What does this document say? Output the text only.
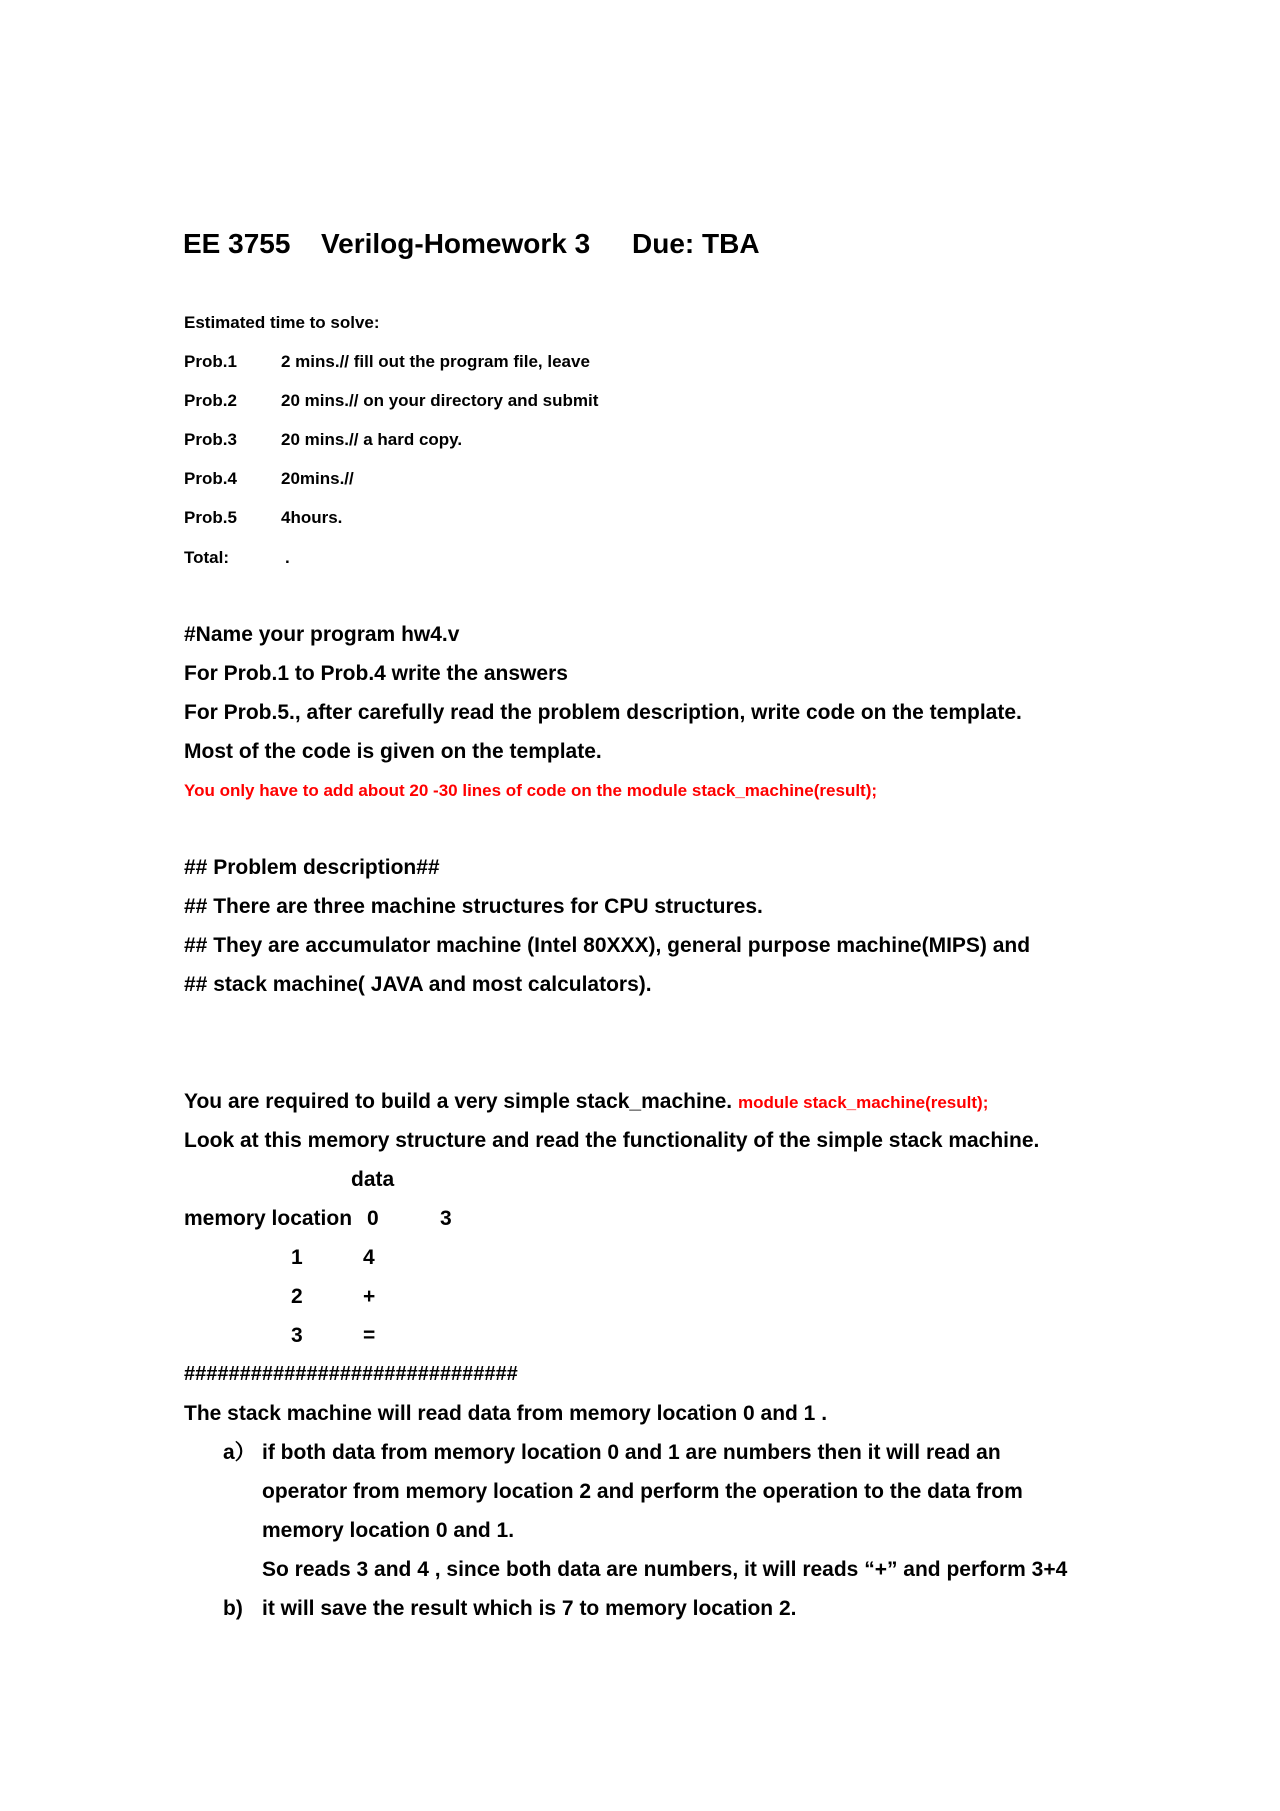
EE 3755 Verilog-Homework 3 Due: TBA
Estimated time to solve:
Prob.1	2 mins.// fill out the program file, leave
Prob.2	20 mins.// on your directory and submit
Prob.3	20 mins.// a hard copy.
Prob.4	20mins.//
Prob.5	4hours.
Total:	.
#Name your program hw4.v
For Prob.1 to Prob.4 write the answers
For Prob.5., after carefully read the problem description, write code on the template.
Most of the code is given on the template.
You only have to add about 20 -30 lines of code on the module stack_machine(result);
## Problem description##
## There are three machine structures for CPU structures.
## They are accumulator machine (Intel 80XXX), general purpose machine(MIPS) and
## stack machine( JAVA and most calculators).
You are required to build a very simple stack_machine. module stack_machine(result);
Look at this memory structure and read the functionality of the simple stack machine.
data
memory location 0	3
1	4
2	+
3	=
##############################
The stack machine will read data from memory location 0 and 1 .
a） if both data from memory location 0 and 1 are numbers then it will read an
operator from memory location 2 and perform the operation to the data from
memory location 0 and 1.
So reads 3 and 4 , since both data are numbers, it will reads “+” and perform 3+4
b) it will save the result which is 7 to memory location 2.
